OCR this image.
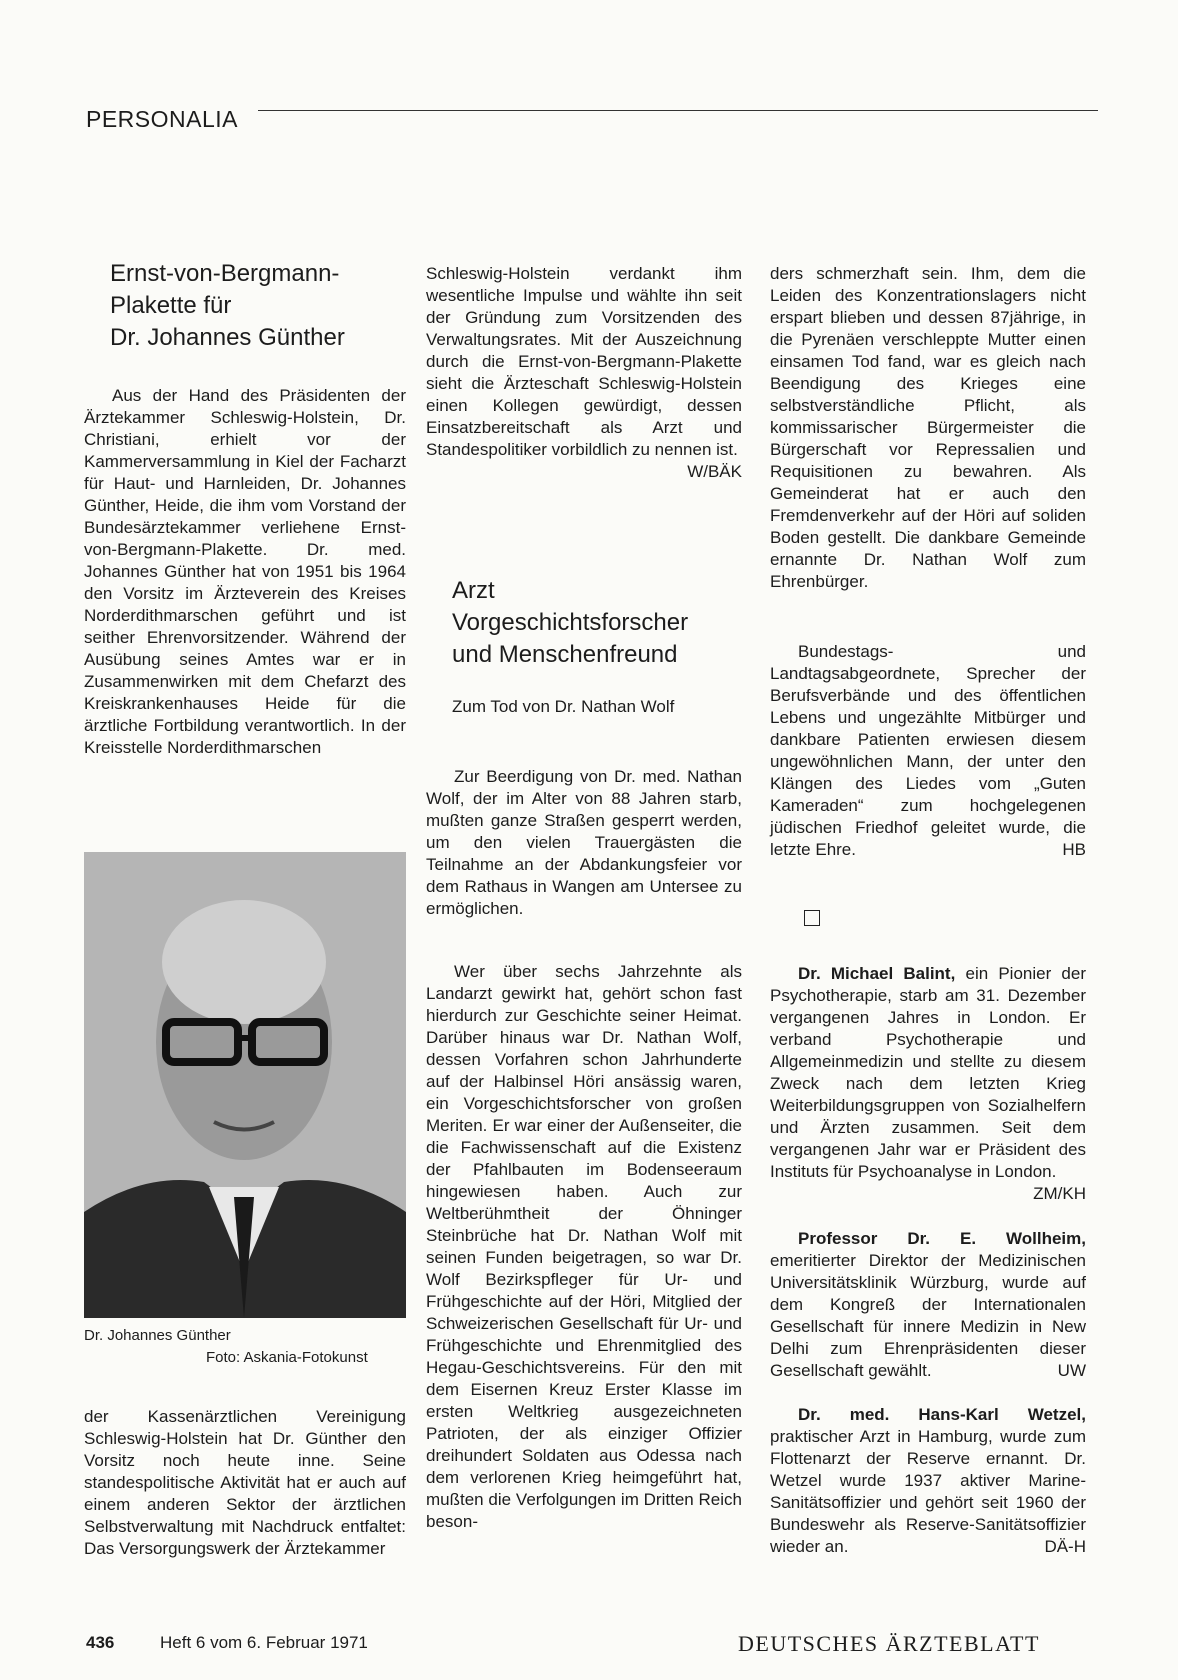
PERSONALIA
Ernst-von-Bergmann-
Plakette für
Dr. Johannes Günther

Aus der Hand des Präsidenten der Ärztekammer Schleswig-Holstein, Dr. Christiani, erhielt vor der Kammerversammlung in Kiel der Facharzt für Haut- und Harnleiden, Dr. Johannes Günther, Heide, die ihm vom Vorstand der Bundesärztekammer verliehene Ernst-von-Bergmann-Plakette. Dr. med. Johannes Günther hat von 1951 bis 1964 den Vorsitz im Ärzteverein des Kreises Norderdithmarschen geführt und ist seither Ehrenvorsitzender. Während der Ausübung seines Amtes war er in Zusammenwirken mit dem Chefarzt des Kreiskrankenhauses Heide für die ärztliche Fortbildung verantwortlich. In der Kreisstelle Norderdithmarschen

Dr. Johannes Günther
Foto: Askania-Fotokunst

der Kassenärztlichen Vereinigung Schleswig-Holstein hat Dr. Günther den Vorsitz noch heute inne. Seine standespolitische Aktivität hat er auch auf einem anderen Sektor der ärztlichen Selbstverwaltung mit Nachdruck entfaltet: Das Versorgungswerk der Ärztekammer

Schleswig-Holstein verdankt ihm wesentliche Impulse und wählte ihn seit der Gründung zum Vorsitzenden des Verwaltungsrates. Mit der Auszeichnung durch die Ernst-von-Bergmann-Plakette sieht die Ärzteschaft Schleswig-Holstein einen Kollegen gewürdigt, dessen Einsatzbereitschaft als Arzt und Standespolitiker vorbildlich zu nennen ist.
W/BÄK

Arzt
Vorgeschichtsforscher
und Menschenfreund
Zum Tod von Dr. Nathan Wolf

Zur Beerdigung von Dr. med. Nathan Wolf, der im Alter von 88 Jahren starb, mußten ganze Straßen gesperrt werden, um den vielen Trauergästen die Teilnahme an der Abdankungsfeier vor dem Rathaus in Wangen am Untersee zu ermöglichen.

Wer über sechs Jahrzehnte als Landarzt gewirkt hat, gehört schon fast hierdurch zur Geschichte seiner Heimat. Darüber hinaus war Dr. Nathan Wolf, dessen Vorfahren schon Jahrhunderte auf der Halbinsel Höri ansässig waren, ein Vorgeschichtsforscher von großen Meriten. Er war einer der Außenseiter, die die Fachwissenschaft auf die Existenz der Pfahlbauten im Bodenseeraum hingewiesen haben. Auch zur Weltberühmtheit der Öhninger Steinbrüche hat Dr. Nathan Wolf mit seinen Funden beigetragen, so war Dr. Wolf Bezirkspfleger für Ur- und Frühgeschichte auf der Höri, Mitglied der Schweizerischen Gesellschaft für Ur- und Frühgeschichte und Ehrenmitglied des Hegau-Geschichtsvereins. Für den mit dem Eisernen Kreuz Erster Klasse im ersten Weltkrieg ausgezeichneten Patrioten, der als einziger Offizier dreihundert Soldaten aus Odessa nach dem verlorenen Krieg heimgeführt hat, mußten die Verfolgungen im Dritten Reich beson-

ders schmerzhaft sein. Ihm, dem die Leiden des Konzentrationslagers nicht erspart blieben und dessen 87jährige, in die Pyrenäen verschleppte Mutter einen einsamen Tod fand, war es gleich nach Beendigung des Krieges eine selbstverständliche Pflicht, als kommissarischer Bürgermeister die Bürgerschaft vor Repressalien und Requisitionen zu bewahren. Als Gemeinderat hat er auch den Fremdenverkehr auf der Höri auf soliden Boden gestellt. Die dankbare Gemeinde ernannte Dr. Nathan Wolf zum Ehrenbürger.

Bundestags- und Landtagsabgeordnete, Sprecher der Berufsverbände und des öffentlichen Lebens und ungezählte Mitbürger und dankbare Patienten erwiesen diesem ungewöhnlichen Mann, der unter den Klängen des Liedes vom „Guten Kameraden“ zum hochgelegenen jüdischen Friedhof geleitet wurde, die letzte Ehre.	HB

Dr. Michael Balint, ein Pionier der Psychotherapie, starb am 31. Dezember vergangenen Jahres in London. Er verband Psychotherapie und Allgemeinmedizin und stellte zu diesem Zweck nach dem letzten Krieg Weiterbildungsgruppen von Sozialhelfern und Ärzten zusammen. Seit dem vergangenen Jahr war er Präsident des Instituts für Psychoanalyse in London.
ZM/KH

Professor Dr. E. Wollheim, emeritierter Direktor der Medizinischen Universitätsklinik Würzburg, wurde auf dem Kongreß der Internationalen Gesellschaft für innere Medizin in New Delhi zum Ehrenpräsidenten dieser Gesellschaft gewählt.	UW

Dr. med. Hans-Karl Wetzel, praktischer Arzt in Hamburg, wurde zum Flottenarzt der Reserve ernannt. Dr. Wetzel wurde 1937 aktiver Marine-Sanitätsoffizier und gehört seit 1960 der Bundeswehr als Reserve-Sanitätsoffizier wieder an.	DÄ-H

436	Heft 6 vom 6. Februar 1971	DEUTSCHES ÄRZTEBLATT
